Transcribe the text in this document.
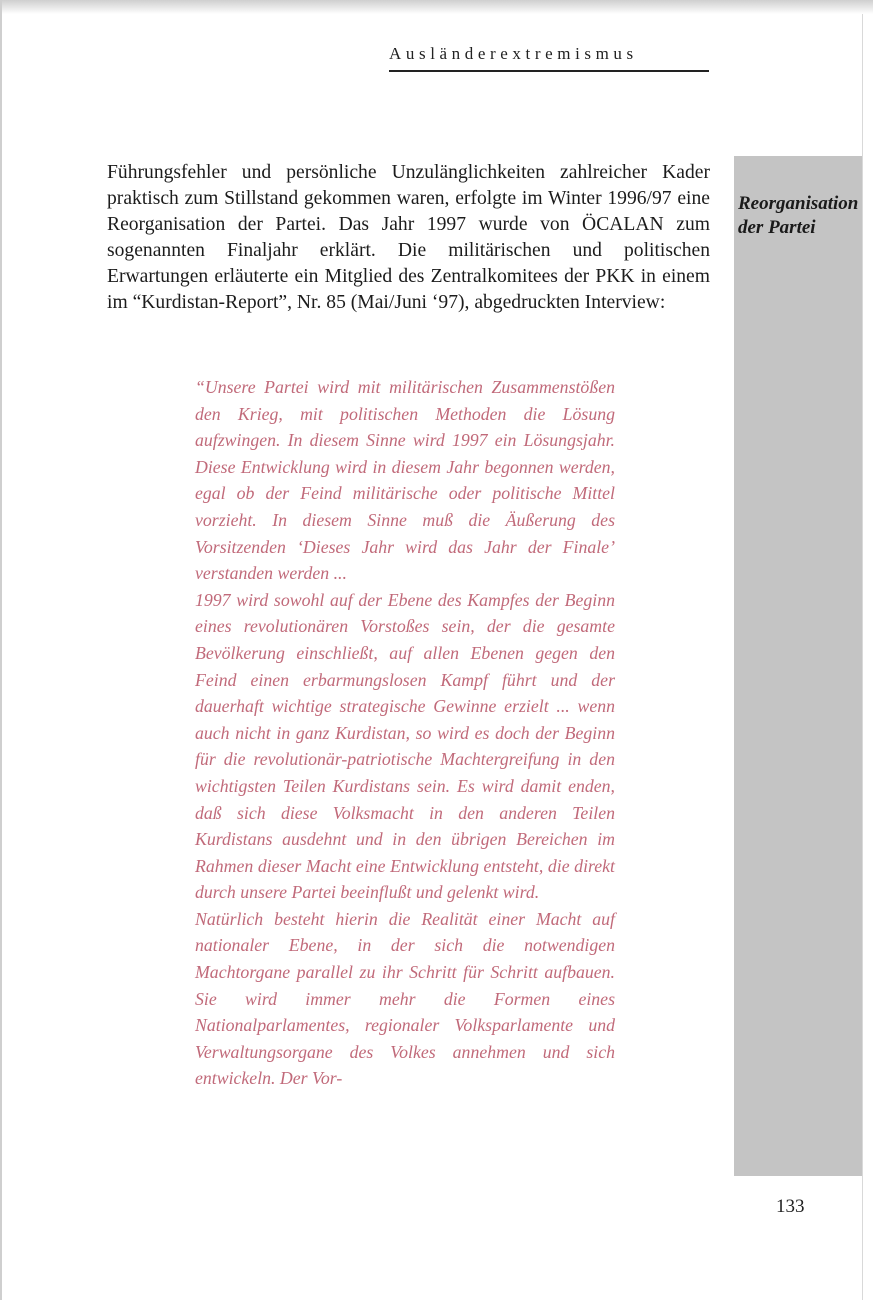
Ausländerextremismus

Führungsfehler und persönliche Unzulänglichkeiten zahlreicher Kader praktisch zum Stillstand gekommen waren, erfolgte im Winter 1996/97 eine Reorganisation der Partei. Das Jahr 1997 wurde von ÖCALAN zum sogenannten Finaljahr erklärt. Die militärischen und politischen Erwartungen erläuterte ein Mitglied des Zentralkomitees der PKK in einem im “Kurdistan-Report”, Nr. 85 (Mai/Juni ‘97), abgedruckten Interview:

Reorganisation der Partei

“Unsere Partei wird mit militärischen Zusammenstößen den Krieg, mit politischen Methoden die Lösung aufzwingen. In diesem Sinne wird 1997 ein Lösungsjahr. Diese Entwicklung wird in diesem Jahr begonnen werden, egal ob der Feind militärische oder politische Mittel vorzieht. In diesem Sinne muß die Äußerung des Vorsitzenden ‘Dieses Jahr wird das Jahr der Finale’ verstanden werden ...

1997 wird sowohl auf der Ebene des Kampfes der Beginn eines revolutionären Vorstoßes sein, der die gesamte Bevölkerung einschließt, auf allen Ebenen gegen den Feind einen erbarmungslosen Kampf führt und der dauerhaft wichtige strategische Gewinne erzielt ... wenn auch nicht in ganz Kurdistan, so wird es doch der Beginn für die revolutionär-patriotische Machtergreifung in den wichtigsten Teilen Kurdistans sein. Es wird damit enden, daß sich diese Volksmacht in den anderen Teilen Kurdistans ausdehnt und in den übrigen Bereichen im Rahmen dieser Macht eine Entwicklung entsteht, die direkt durch unsere Partei beeinflußt und gelenkt wird.

Natürlich besteht hierin die Realität einer Macht auf nationaler Ebene, in der sich die notwendigen Machtorgane parallel zu ihr Schritt für Schritt aufbauen. Sie wird immer mehr die Formen eines Nationalparlamentes, regionaler Volksparlamente und Verwaltungsorgane des Volkes annehmen und sich entwickeln. Der Vor-

133
